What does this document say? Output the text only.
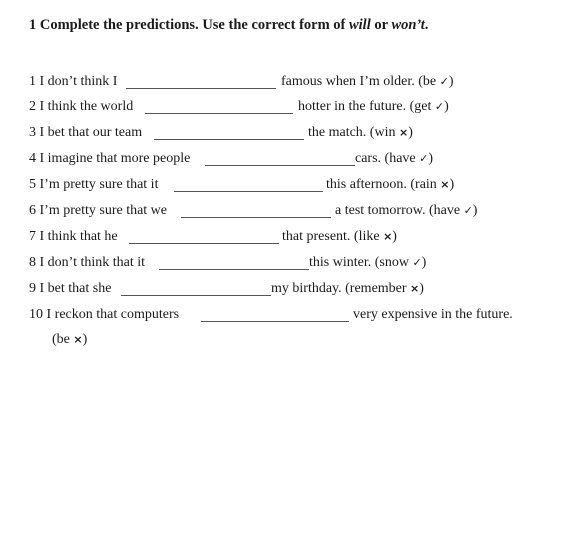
1 Complete the predictions. Use the correct form of will or won’t.
1 I don’t think I	famous when I’m older. (be ✓)
2 I think the world	hotter in the future. (get ✓)
3 I bet that our team	the match. (win ×)
4 I imagine that more people	cars. (have ✓)
5 I’m pretty sure that it	this afternoon. (rain ×)
6 I’m pretty sure that we	a test tomorrow. (have ✓)
7 I think that he	that present. (like ×)
8 I don’t think that it	this winter. (snow ✓)
9 I bet that she	my birthday. (remember ×)
10 I reckon that computers	very expensive in the future.
(be ×)
